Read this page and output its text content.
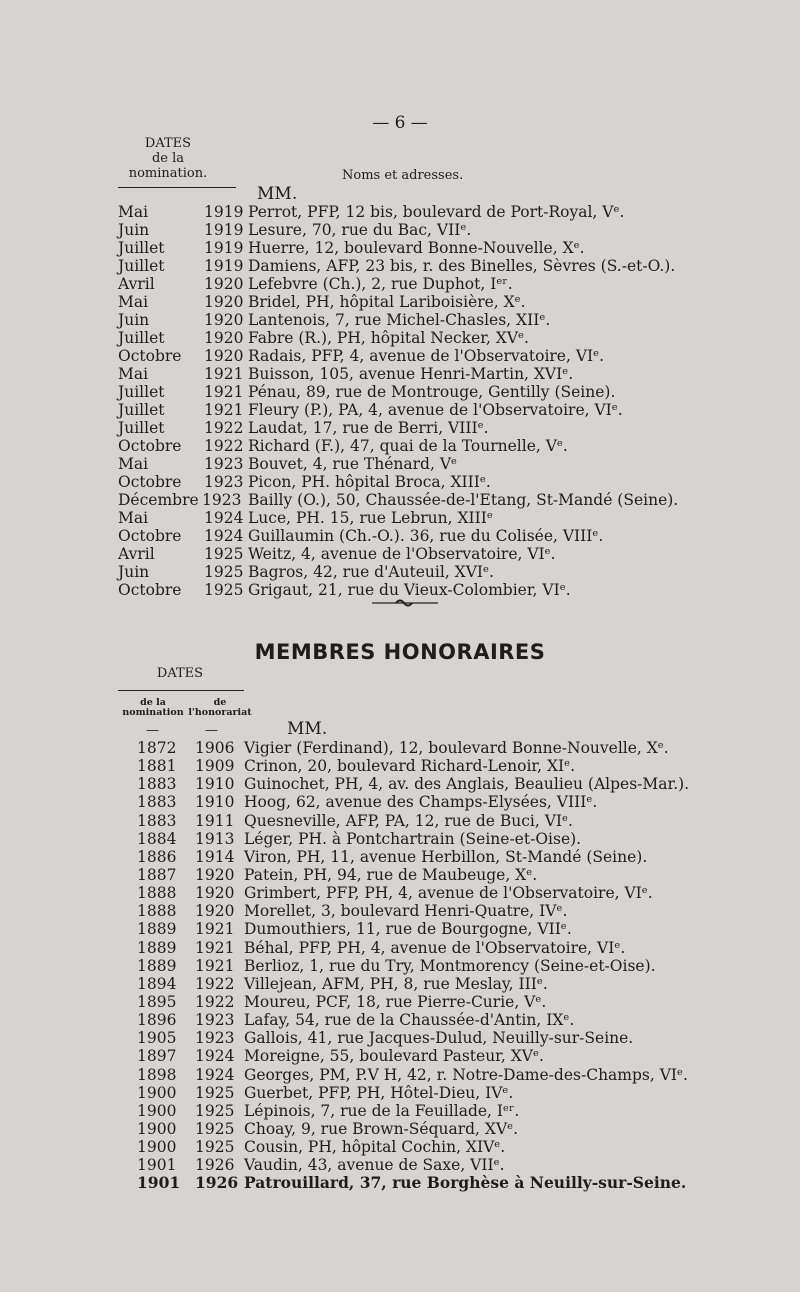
— 6 —
DATES
de la
nomination.	Noms et adresses.
MM.
Mai	1919 Perrot, PFP, 12 bis, boulevard de Port-Royal, Vᵉ.
Juin	1919 Lesure, 70, rue du Bac, VIIᵉ.
Juillet	1919 Huerre, 12, boulevard Bonne-Nouvelle, Xᵉ.
Juillet	1919 Damiens, AFP, 23 bis, r. des Binelles, Sèvres (S.-et-O.).
Avril	1920 Lefebvre (Ch.), 2, rue Duphot, Iᵉʳ.
Mai	1920 Bridel, PH, hôpital Lariboisière, Xᵉ.
Juin	1920 Lantenois, 7, rue Michel-Chasles, XIIᵉ.
Juillet	1920 Fabre (R.), PH, hôpital Necker, XVᵉ.
Octobre 1920 Radais, PFP, 4, avenue de l'Observatoire, VIᵉ.
Mai	1921 Buisson, 105, avenue Henri-Martin, XVIᵉ.
Juillet	1921 Pénau, 89, rue de Montrouge, Gentilly (Seine).
Juillet	1921 Fleury (P.), PA, 4, avenue de l'Observatoire, VIᵉ.
Juillet	1922 Laudat, 17, rue de Berri, VIIIᵉ.
Octobre 1922 Richard (F.), 47, quai de la Tournelle, Vᵉ.
Mai	1923 Bouvet, 4, rue Thénard, Vᵉ
Octobre 1923 Picon, PH. hôpital Broca, XIIIᵉ.
Décembre 1923 Bailly (O.), 50, Chaussée-de-l'Etang, St-Mandé (Seine).
Mai	1924 Luce, PH. 15, rue Lebrun, XIIIᵉ
Octobre 1924 Guillaumin (Ch.-O.). 36, rue du Colisée, VIIIᵉ.
Avril	1925 Weitz, 4, avenue de l'Observatoire, VIᵉ.
Juin	1925 Bagros, 42, rue d'Auteuil, XVIᵉ.
Octobre 1925 Grigaut, 21, rue du Vieux-Colombier, VIᵉ.
MEMBRES HONORAIRES
DATES
de la
nomination
de
l'honorariat
—	—	MM.
1872 1906 Vigier (Ferdinand), 12, boulevard Bonne-Nouvelle, Xᵉ.
1881 1909 Crinon, 20, boulevard Richard-Lenoir, XIᵉ.
1883 1910 Guinochet, PH, 4, av. des Anglais, Beaulieu (Alpes-Mar.).
1883 1910 Hoog, 62, avenue des Champs-Elysées, VIIIᵉ.
1883 1911 Quesneville, AFP, PA, 12, rue de Buci, VIᵉ.
1884 1913 Léger, PH. à Pontchartrain (Seine-et-Oise).
1886 1914 Viron, PH, 11, avenue Herbillon, St-Mandé (Seine).
1887 1920 Patein, PH, 94, rue de Maubeuge, Xᵉ.
1888 1920 Grimbert, PFP, PH, 4, avenue de l'Observatoire, VIᵉ.
1888 1920 Morellet, 3, boulevard Henri-Quatre, IVᵉ.
1889 1921 Dumouthiers, 11, rue de Bourgogne, VIIᵉ.
1889 1921 Béhal, PFP, PH, 4, avenue de l'Observatoire, VIᵉ.
1889 1921 Berlioz, 1, rue du Try, Montmorency (Seine-et-Oise).
1894 1922 Villejean, AFM, PH, 8, rue Meslay, IIIᵉ.
1895 1922 Moureu, PCF, 18, rue Pierre-Curie, Vᵉ.
1896 1923 Lafay, 54, rue de la Chaussée-d'Antin, IXᵉ.
1905 1923 Gallois, 41, rue Jacques-Dulud, Neuilly-sur-Seine.
1897 1924 Moreigne, 55, boulevard Pasteur, XVᵉ.
1898 1924 Georges, PM, P.V H, 42, r. Notre-Dame-des-Champs, VIᵉ.
1900 1925 Guerbet, PFP, PH, Hôtel-Dieu, IVᵉ.
1900 1925 Lépinois, 7, rue de la Feuillade, Iᵉʳ.
1900 1925 Choay, 9, rue Brown-Séquard, XVᵉ.
1900 1925 Cousin, PH, hôpital Cochin, XIVᵉ.
1901 1926 Vaudin, 43, avenue de Saxe, VIIᵉ.
1901 1926 Patrouillard, 37, rue Borghèse à Neuilly-sur-Seine.
